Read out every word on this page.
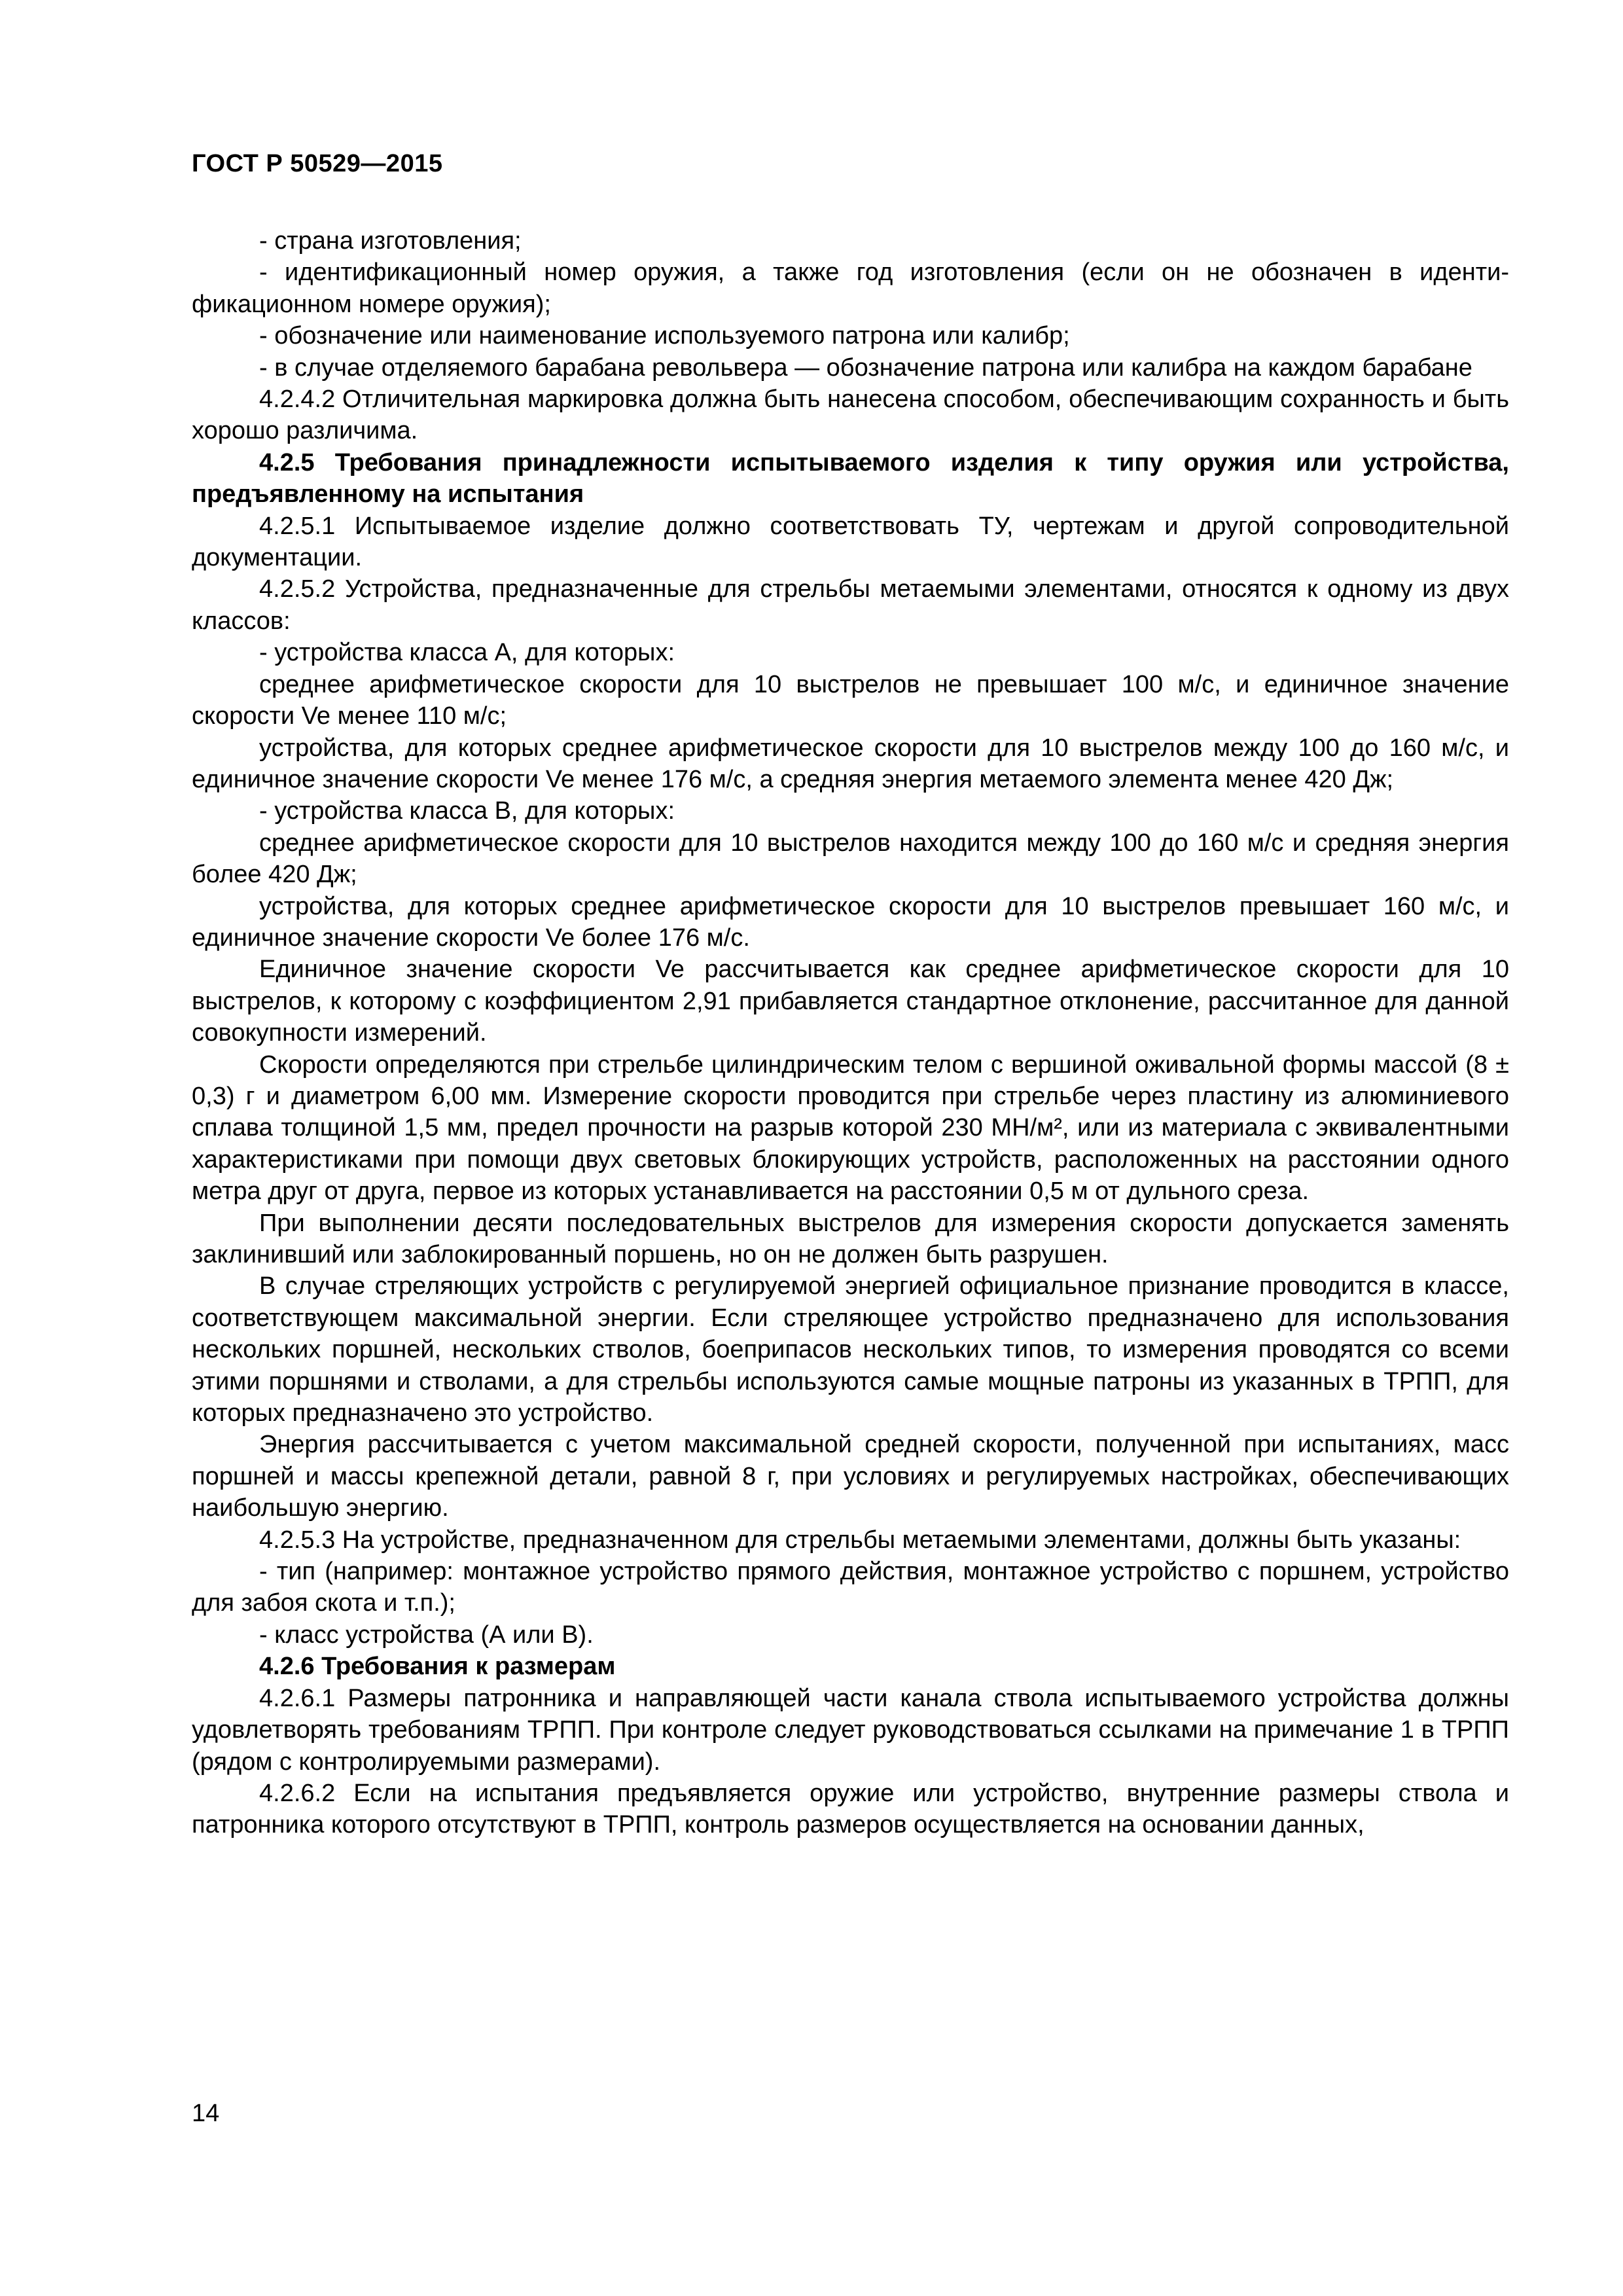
ГОСТ Р 50529—2015

- страна изготовления;

- идентификационный номер оружия, а также год изготовления (если он не обозначен в идентификационном номере оружия);

- обозначение или наименование используемого патрона или калибр;

- в случае отделяемого барабана револьвера — обозначение патрона или калибра на каждом барабане

4.2.4.2 Отличительная маркировка должна быть нанесена способом, обеспечивающим сохранность и быть хорошо различима.

4.2.5 Требования принадлежности испытываемого изделия к типу оружия или устройства, предъявленному на испытания

4.2.5.1 Испытываемое изделие должно соответствовать ТУ, чертежам и другой сопроводительной документации.

4.2.5.2 Устройства, предназначенные для стрельбы метаемыми элементами, относятся к одному из двух классов:

- устройства класса А, для которых:

среднее арифметическое скорости для 10 выстрелов не превышает 100 м/с, и единичное значение скорости Ve менее 110 м/с;

устройства, для которых среднее арифметическое скорости для 10 выстрелов между 100 до 160 м/с, и единичное значение скорости Ve менее 176 м/с, а средняя энергия метаемого элемента менее 420 Дж;

- устройства класса В, для которых:

среднее арифметическое скорости для 10 выстрелов находится между 100 до 160 м/с и средняя энергия более 420 Дж;

устройства, для которых среднее арифметическое скорости для 10 выстрелов превышает 160 м/с, и единичное значение скорости Ve более 176 м/с.

Единичное значение скорости Ve рассчитывается как среднее арифметическое скорости для 10 выстрелов, к которому с коэффициентом 2,91 прибавляется стандартное отклонение, рассчитанное для данной совокупности измерений.

Скорости определяются при стрельбе цилиндрическим телом с вершиной оживальной формы массой (8 ± 0,3) г и диаметром 6,00 мм. Измерение скорости проводится при стрельбе через пластину из алюминиевого сплава толщиной 1,5 мм, предел прочности на разрыв которой 230 МН/м², или из материала с эквивалентными характеристиками при помощи двух световых блокирующих устройств, расположенных на расстоянии одного метра друг от друга, первое из которых устанавливается на расстоянии 0,5 м от дульного среза.

При выполнении десяти последовательных выстрелов для измерения скорости допускается заменять заклинивший или заблокированный поршень, но он не должен быть разрушен.

В случае стреляющих устройств с регулируемой энергией официальное признание проводится в классе, соответствующем максимальной энергии. Если стреляющее устройство предназначено для использования нескольких поршней, нескольких стволов, боеприпасов нескольких типов, то измерения проводятся со всеми этими поршнями и стволами, а для стрельбы используются самые мощные патроны из указанных в ТРПП, для которых предназначено это устройство.

Энергия рассчитывается с учетом максимальной средней скорости, полученной при испытаниях, масс поршней и массы крепежной детали, равной 8 г, при условиях и регулируемых настройках, обеспечивающих наибольшую энергию.

4.2.5.3 На устройстве, предназначенном для стрельбы метаемыми элементами, должны быть указаны:

- тип (например: монтажное устройство прямого действия, монтажное устройство с поршнем, устройство для забоя скота и т.п.);

- класс устройства (А или В).

4.2.6 Требования к размерам

4.2.6.1 Размеры патронника и направляющей части канала ствола испытываемого устройства должны удовлетворять требованиям ТРПП. При контроле следует руководствоваться ссылками на примечание 1 в ТРПП (рядом с контролируемыми размерами).

4.2.6.2 Если на испытания предъявляется оружие или устройство, внутренние размеры ствола и патронника которого отсутствуют в ТРПП, контроль размеров осуществляется на основании данных,

14
